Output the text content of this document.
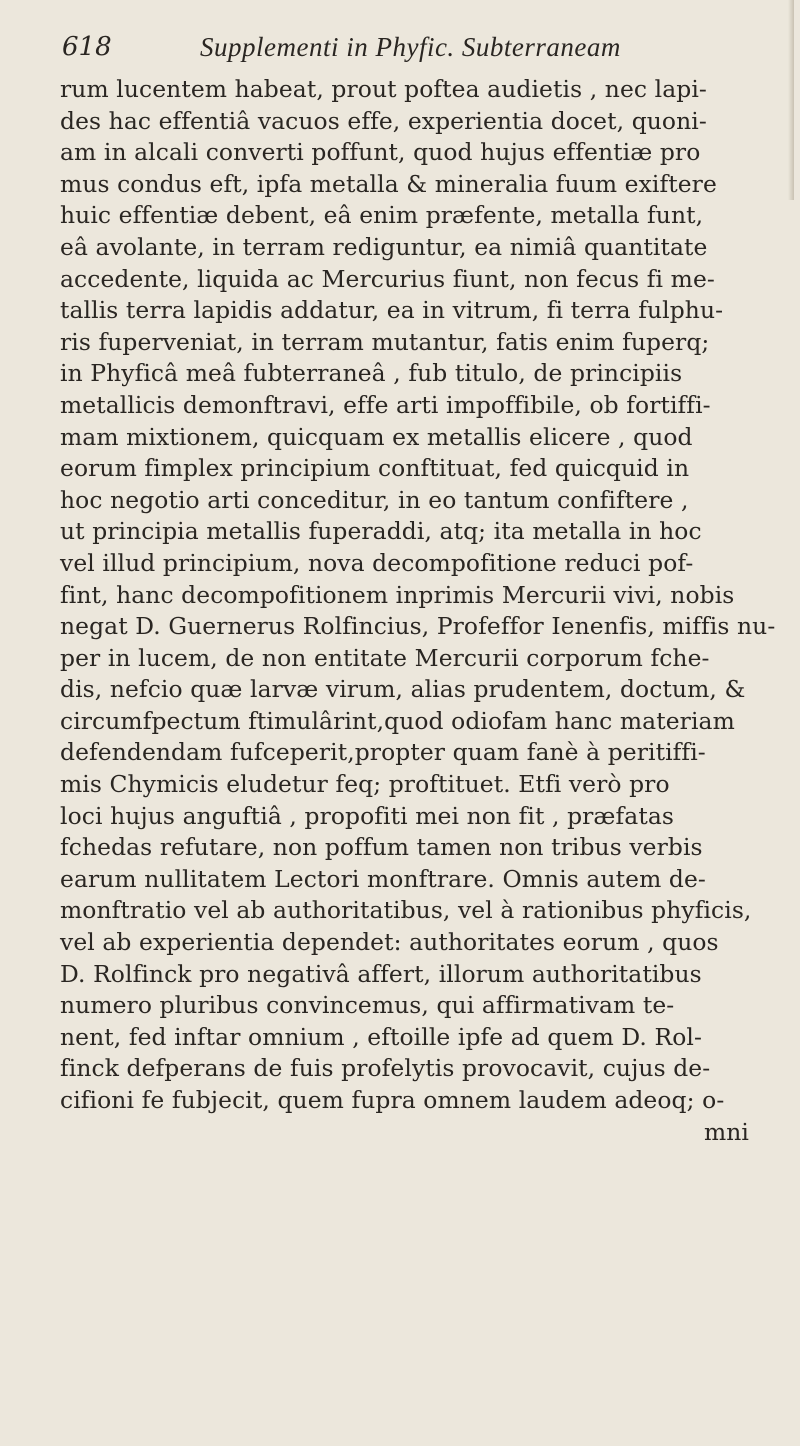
618	Supplementi in Phyfic. Subterraneam
rum lucentem habeat, prout poftea audietis , nec lapi-
des hac effentiâ vacuos effe, experientia docet, quoni-
am in alcali converti poffunt, quod hujus effentiæ pro
mus condus eft, ipfa metalla & mineralia fuum exiftere
huic effentiæ debent, eâ enim præfente, metalla funt,
eâ avolante, in terram rediguntur, ea nimiâ quantitate
accedente, liquida ac Mercurius fiunt, non fecus fi me-
tallis terra lapidis addatur, ea in vitrum, fi terra fulphu-
ris fuperveniat, in terram mutantur, fatis enim fuperq;
in Phyficâ meâ fubterraneâ , fub titulo, de principiis
metallicis demonftravi, effe arti impoffibile, ob fortiffi-
mam mixtionem, quicquam ex metallis elicere , quod
eorum fimplex principium conftituat, fed quicquid in
hoc negotio arti conceditur, in eo tantum confiftere ,
ut principia metallis fuperaddi, atq; ita metalla in hoc
vel illud principium, nova decompofitione reduci pof-
fint, hanc decompofitionem inprimis Mercurii vivi, nobis
negat D. Guernerus Rolfincius, Profeffor Ienenfis, miffis nu-
per in lucem, de non entitate Mercurii corporum fche-
dis, nefcio quæ larvæ virum, alias prudentem, doctum, &
circumfpectum ftimulârint,quod odiofam hanc materiam
defendendam fufceperit,propter quam fanè à peritiffi-
mis Chymicis eludetur feq; proftituet. Etfi verò pro
loci hujus anguftiâ , propofiti mei non fit , præfatas
fchedas refutare, non poffum tamen non tribus verbis
earum nullitatem Lectori monftrare. Omnis autem de-
monftratio vel ab authoritatibus, vel à rationibus phyficis,
vel ab experientia dependet: authoritates eorum , quos
D. Rolfinck pro negativâ affert, illorum authoritatibus
numero pluribus convincemus, qui affirmativam te-
nent, fed inftar omnium , eftoille ipfe ad quem D. Rol-
finck defperans de fuis profelytis provocavit, cujus de-
cifioni fe fubjecit, quem fupra omnem laudem adeoq; o-
mni
